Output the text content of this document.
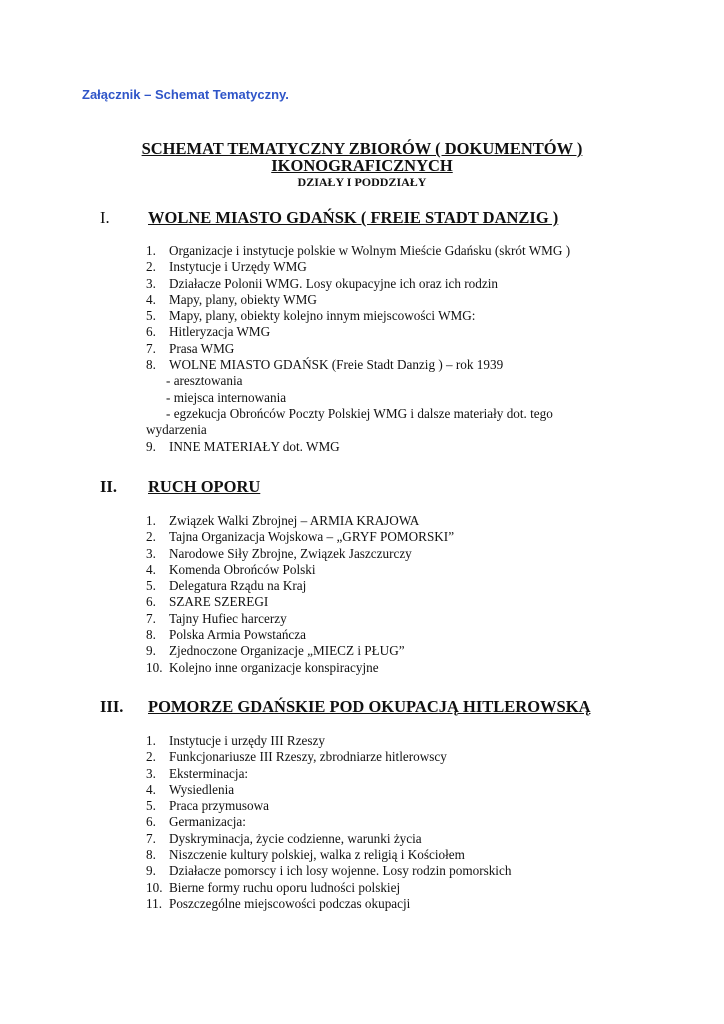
Załącznik – Schemat Tematyczny.
SCHEMAT TEMATYCZNY ZBIORÓW ( DOKUMENTÓW )
IKONOGRAFICZNYCH
DZIAŁY I PODDZIAŁY
I. WOLNE MIASTO GDAŃSK ( FREIE STADT DANZIG )
1. Organizacje i instytucje polskie w Wolnym Mieście Gdańsku (skrót WMG )
2. Instytucje i Urzędy WMG
3. Działacze Polonii WMG. Losy okupacyjne ich oraz ich rodzin
4. Mapy, plany, obiekty WMG
5. Mapy, plany, obiekty kolejno innym miejscowości WMG:
6. Hitleryzacja WMG
7. Prasa WMG
8. WOLNE MIASTO GDAŃSK (Freie Stadt Danzig ) – rok 1939
- aresztowania
- miejsca internowania
- egzekucja Obrońców Poczty Polskiej WMG i dalsze materiały dot. tego
wydarzenia
9. INNE MATERIAŁY dot. WMG
II. RUCH OPORU
1. Związek Walki Zbrojnej – ARMIA KRAJOWA
2. Tajna Organizacja Wojskowa – „GRYF POMORSKI”
3. Narodowe Siły Zbrojne, Związek Jaszczurczy
4. Komenda Obrońców Polski
5. Delegatura Rządu na Kraj
6. SZARE SZEREGI
7. Tajny Hufiec harcerzy
8. Polska Armia Powstańcza
9. Zjednoczone Organizacje „MIECZ i PŁUG”
10. Kolejno inne organizacje konspiracyjne
III. POMORZE GDAŃSKIE POD OKUPACJĄ HITLEROWSKĄ
1. Instytucje i urzędy III Rzeszy
2. Funkcjonariusze III Rzeszy, zbrodniarze hitlerowscy
3. Eksterminacja:
4. Wysiedlenia
5. Praca przymusowa
6. Germanizacja:
7. Dyskryminacja, życie codzienne, warunki życia
8. Niszczenie kultury polskiej, walka z religią i Kościołem
9. Działacze pomorscy i ich losy wojenne. Losy rodzin pomorskich
10. Bierne formy ruchu oporu ludności polskiej
11. Poszczególne miejscowości podczas okupacji
